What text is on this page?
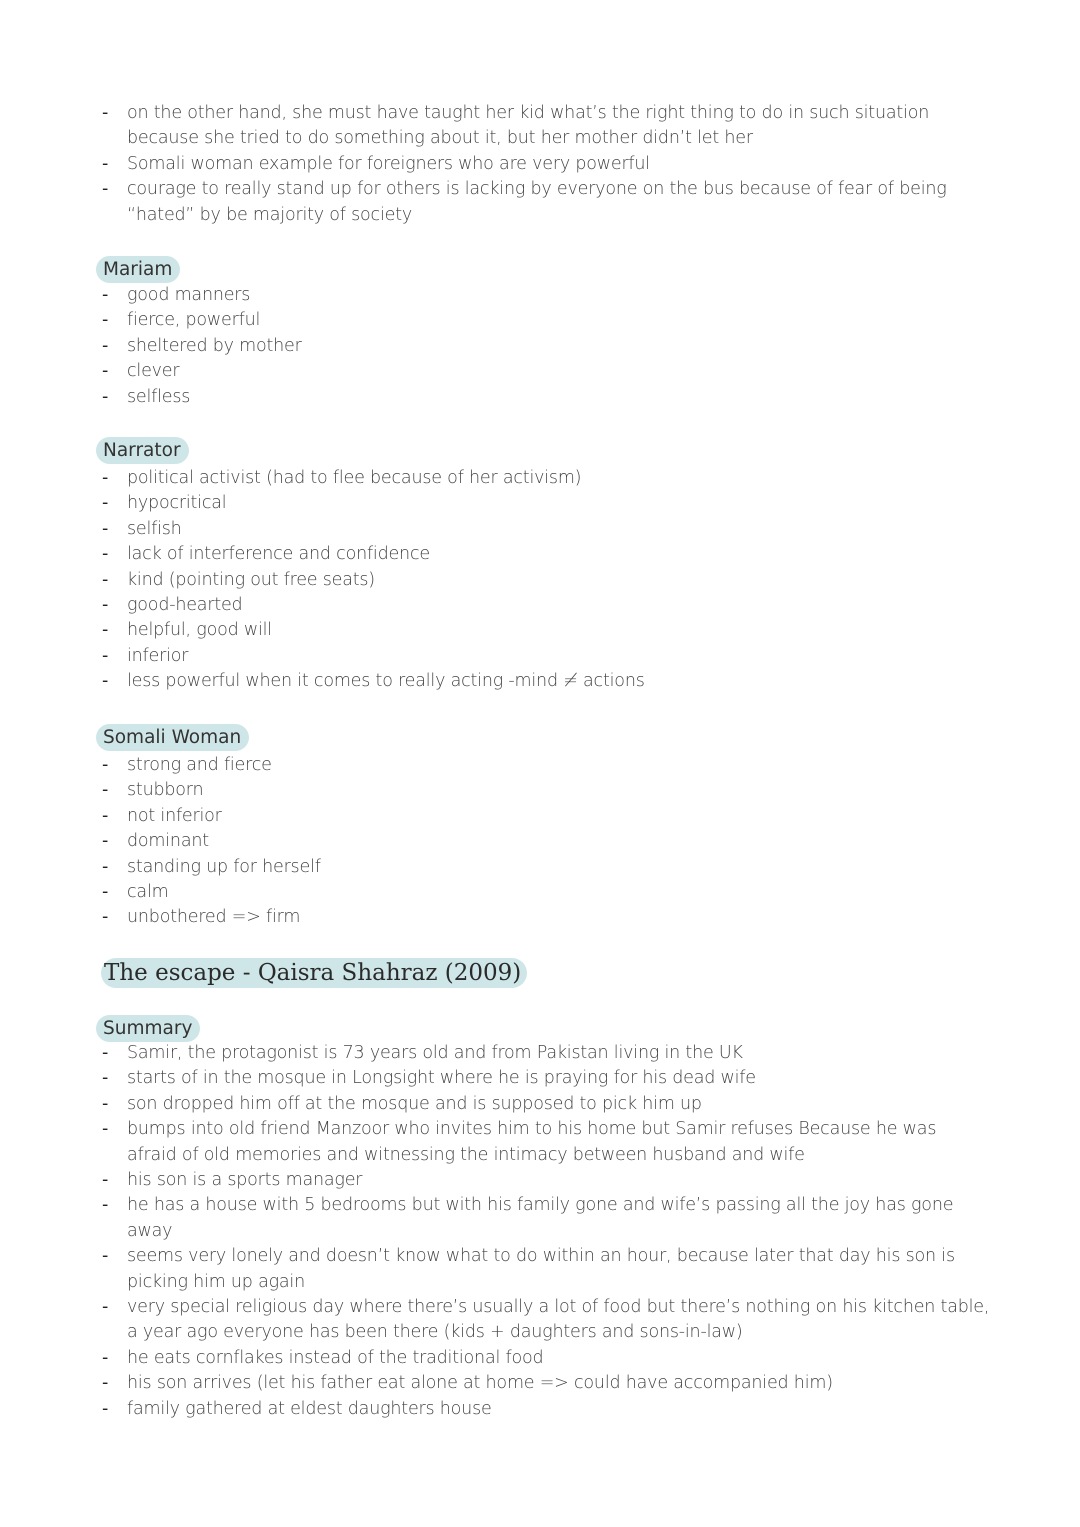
- on the other hand, she must have taught her kid what’s the right thing to do in such situation because she tried to do something about it, but her mother didn’t let her
- Somali woman example for foreigners who are very powerful
- courage to really stand up for others is lacking by everyone on the bus because of fear of being “hated” by be majority of society
Mariam
- good manners
- fierce, powerful
- sheltered by mother
- clever
- selfless
Narrator
- political activist (had to flee because of her activism)
- hypocritical
- selfish
- lack of interference and confidence
- kind (pointing out free seats)
- good-hearted
- helpful, good will
- inferior
- less powerful when it comes to really acting -mind ≠ actions
Somali Woman
- strong and fierce
- stubborn
- not inferior
- dominant
- standing up for herself
- calm
- unbothered => firm
The escape - Qaisra Shahraz (2009)
Summary
- Samir, the protagonist is 73 years old and from Pakistan living in the UK
- starts of in the mosque in Longsight where he is praying for his dead wife
- son dropped him off at the mosque and is supposed to pick him up
- bumps into old friend Manzoor who invites him to his home but Samir refuses Because he was afraid of old memories and witnessing the intimacy between husband and wife
- his son is a sports manager
- he has a house with 5 bedrooms but with his family gone and wife’s passing all the joy has gone away
- seems very lonely and doesn’t know what to do within an hour, because later that day his son is picking him up again
- very special religious day where there’s usually a lot of food but there’s nothing on his kitchen table, a year ago everyone has been there (kids + daughters and sons-in-law)
- he eats cornflakes instead of the traditional food
- his son arrives (let his father eat alone at home => could have accompanied him)
- family gathered at eldest daughters house
